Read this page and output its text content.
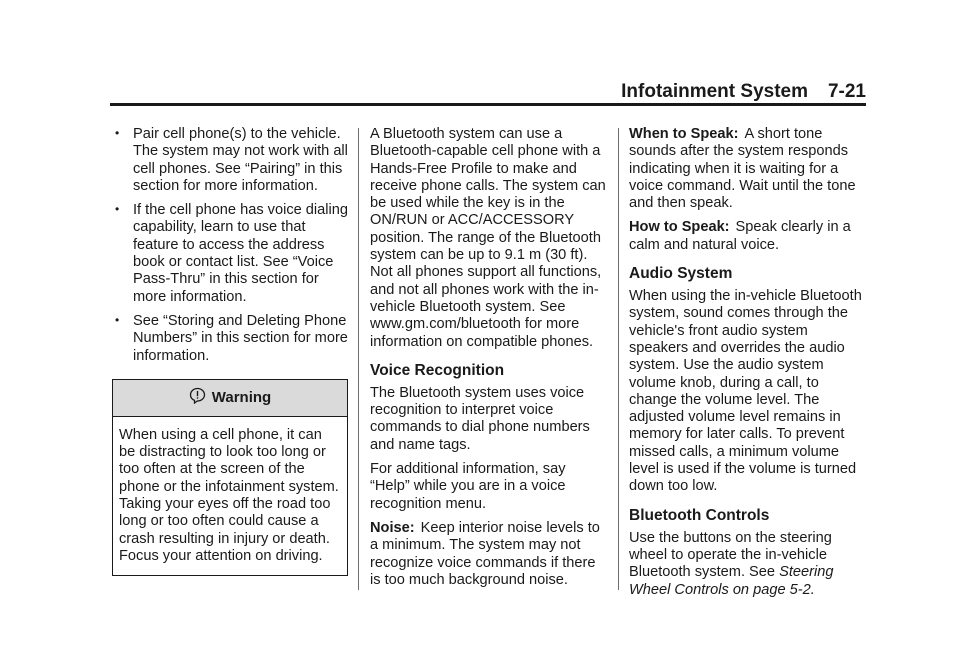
Infotainment System 7-21
• Pair cell phone(s) to the vehicle. The system may not work with all cell phones. See “Pairing” in this section for more information.
• If the cell phone has voice dialing capability, learn to use that feature to access the address book or contact list. See “Voice Pass-Thru” in this section for more information.
• See “Storing and Deleting Phone Numbers” in this section for more information.
Warning

When using a cell phone, it can be distracting to look too long or too often at the screen of the phone or the infotainment system. Taking your eyes off the road too long or too often could cause a crash resulting in injury or death. Focus your attention on driving.

A Bluetooth system can use a Bluetooth-capable cell phone with a Hands-Free Profile to make and receive phone calls. The system can be used while the key is in the ON/RUN or ACC/ACCESSORY position. The range of the Bluetooth system can be up to 9.1 m (30 ft). Not all phones support all functions, and not all phones work with the in-vehicle Bluetooth system. See www.gm.com/bluetooth for more information on compatible phones.

Voice Recognition

The Bluetooth system uses voice recognition to interpret voice commands to dial phone numbers and name tags.

For additional information, say “Help” while you are in a voice recognition menu.

Noise: Keep interior noise levels to a minimum. The system may not recognize voice commands if there is too much background noise.

When to Speak: A short tone sounds after the system responds indicating when it is waiting for a voice command. Wait until the tone and then speak.

How to Speak: Speak clearly in a calm and natural voice.

Audio System

When using the in-vehicle Bluetooth system, sound comes through the vehicle's front audio system speakers and overrides the audio system. Use the audio system volume knob, during a call, to change the volume level. The adjusted volume level remains in memory for later calls. To prevent missed calls, a minimum volume level is used if the volume is turned down too low.

Bluetooth Controls

Use the buttons on the steering wheel to operate the in-vehicle Bluetooth system. See Steering Wheel Controls on page 5-2.
